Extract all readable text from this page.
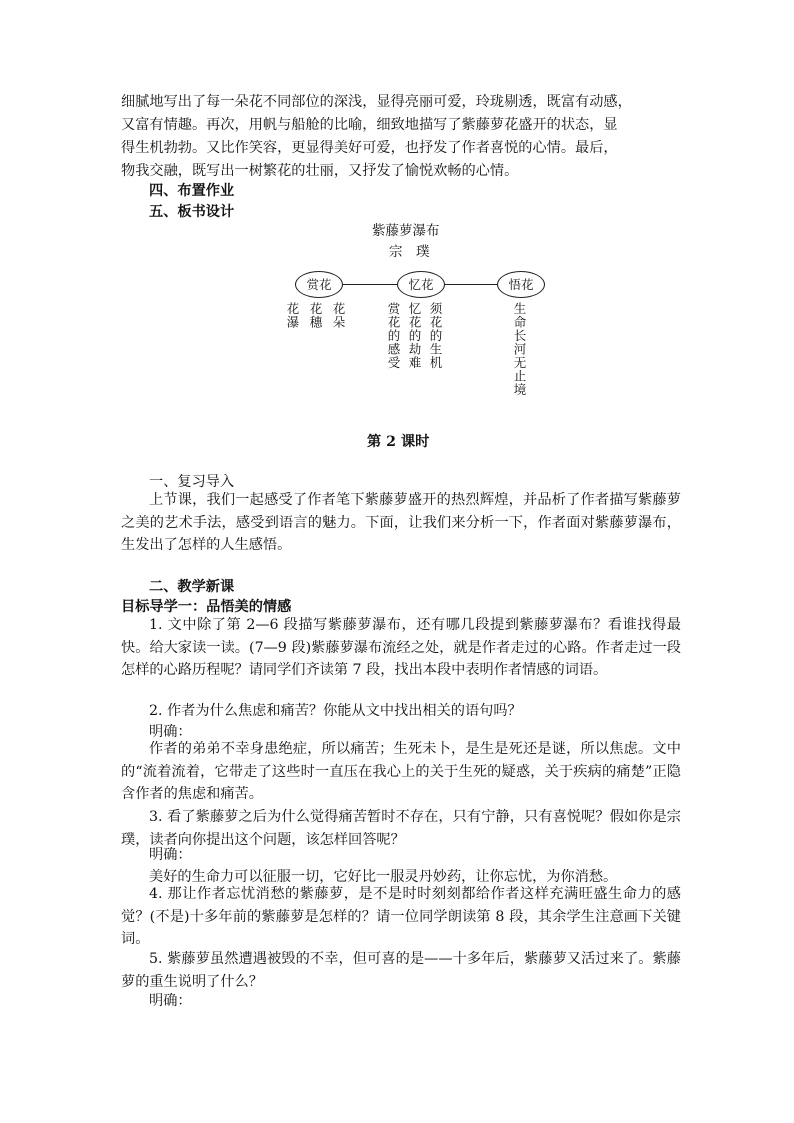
细腻地写出了每一朵花不同部位的深浅，显得亮丽可爱，玲珑剔透，既富有动感，

又富有情趣。再次，用帆与船舱的比喻，细致地描写了紫藤萝花盛开的状态，显

得生机勃勃。又比作笑容，更显得美好可爱，也抒发了作者喜悦的心情。最后，

物我交融，既写出一树繁花的壮丽，又抒发了愉悦欢畅的心情。

四、布置作业

五、板书设计

紫藤萝瀑布
宗　璞
赏花	忆花	悟花
花瀑 花穗 花朵	赏花的感受 忆花的劫难 须花的生机	生命长河无止境
第 2 课时

一、复习导入

上节课，我们一起感受了作者笔下紫藤萝盛开的热烈辉煌，并品析了作者描写紫藤萝之美的艺术手法，感受到语言的魅力。下面，让我们来分析一下，作者面对紫藤萝瀑布，生发出了怎样的人生感悟。

二、教学新课

目标导学一：品悟美的情感

1. 文中除了第 2—6 段描写紫藤萝瀑布，还有哪几段提到紫藤萝瀑布？看谁找得最快。给大家读一读。(7—9 段)紫藤萝瀑布流经之处，就是作者走过的心路。作者走过一段怎样的心路历程呢？请同学们齐读第 7 段，找出本段中表明作者情感的词语。

2. 作者为什么焦虑和痛苦？你能从文中找出相关的语句吗？

明确：

作者的弟弟不幸身患绝症，所以痛苦；生死未卜，是生是死还是谜，所以焦虑。文中的“流着流着，它带走了这些时一直压在我心上的关于生死的疑惑，关于疾病的痛楚”正隐含作者的焦虑和痛苦。

3. 看了紫藤萝之后为什么觉得痛苦暂时不存在，只有宁静，只有喜悦呢？假如你是宗璞，读者向你提出这个问题，该怎样回答呢？

明确：

美好的生命力可以征服一切，它好比一服灵丹妙药，让你忘忧，为你消愁。

4. 那让作者忘忧消愁的紫藤萝，是不是时时刻刻都给作者这样充满旺盛生命力的感觉？(不是)十多年前的紫藤萝是怎样的？请一位同学朗读第 8 段，其余学生注意画下关键词。

5. 紫藤萝虽然遭遇被毁的不幸，但可喜的是——十多年后，紫藤萝又活过来了。紫藤萝的重生说明了什么？

明确：
